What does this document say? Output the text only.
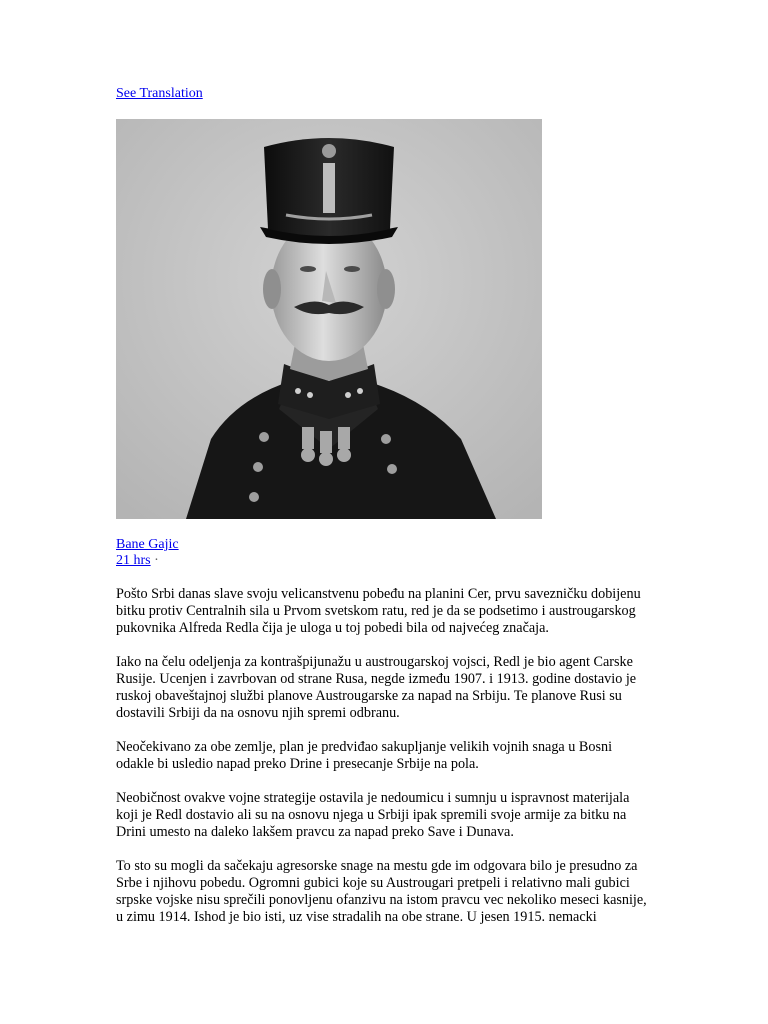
See Translation
Bane Gajic
21 hrs ·

Pošto Srbi danas slave svoju velicanstvenu pobeđu na planini Cer, prvu savezničku dobijenu bitku protiv Centralnih sila u Prvom svetskom ratu, red je da se podsetimo i austrougarskog pukovnika Alfreda Redla čija je uloga u toj pobedi bila od najvećeg značaja.

Iako na čelu odeljenja za kontrašpijunažu u austrougarskoj vojsci, Redl je bio agent Carske Rusije. Ucenjen i zavrbovan od strane Rusa, negde između 1907. i 1913. godine dostavio je ruskoj obaveštajnoj službi planove Austrougarske za napad na Srbiju. Te planove Rusi su dostavili Srbiji da na osnovu njih spremi odbranu.

Neočekivano za obe zemlje, plan je predviđao sakupljanje velikih vojnih snaga u Bosni odakle bi usledio napad preko Drine i presecanje Srbije na pola.

Neobičnost ovakve vojne strategije ostavila je nedoumicu i sumnju u ispravnost materijala koji je Redl dostavio ali su na osnovu njega u Srbiji ipak spremili svoje armije za bitku na Drini umesto na daleko lakšem pravcu za napad preko Save i Dunava.

To sto su mogli da sačekaju agresorske snage na mestu gde im odgovara bilo je presudno za Srbe i njihovu pobedu. Ogromni gubici koje su Austrougari pretpeli i relativno mali gubici srpske vojske nisu sprečili ponovljenu ofanzivu na istom pravcu vec nekoliko meseci kasnije, u zimu 1914. Ishod je bio isti, uz vise stradalih na obe strane. U jesen 1915. nemacki
